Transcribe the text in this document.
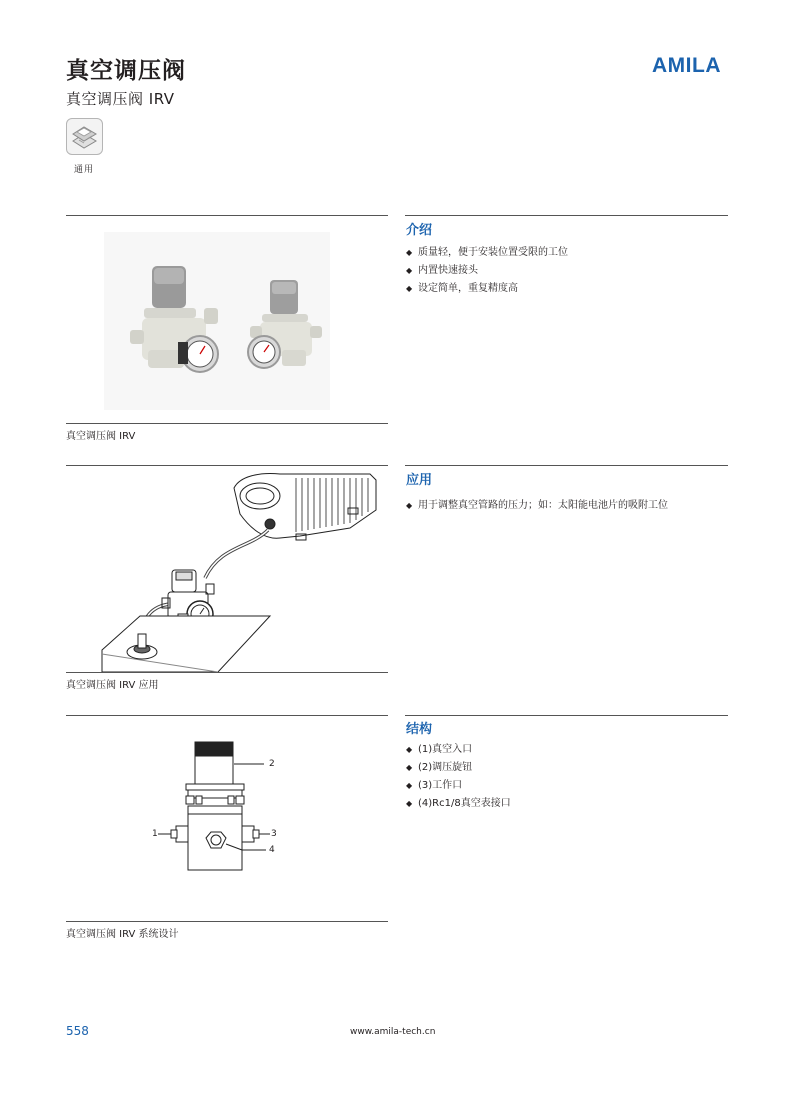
真空调压阀
真空调压阀 IRV
AMILA
通用
介绍
◆ 质量轻，便于安装位置受限的工位
◆ 内置快速接头
◆ 设定简单，重复精度高
真空调压阀 IRV
应用
◆ 用于调整真空管路的压力；如：太阳能电池片的吸附工位
真空调压阀 IRV 应用
结构
◆ (1)真空入口
◆ (2)调压旋钮
◆ (3)工作口
◆ (4)Rc1/8真空表接口
2
1	3
4
真空调压阀 IRV 系统设计
558	www.amila-tech.cn
